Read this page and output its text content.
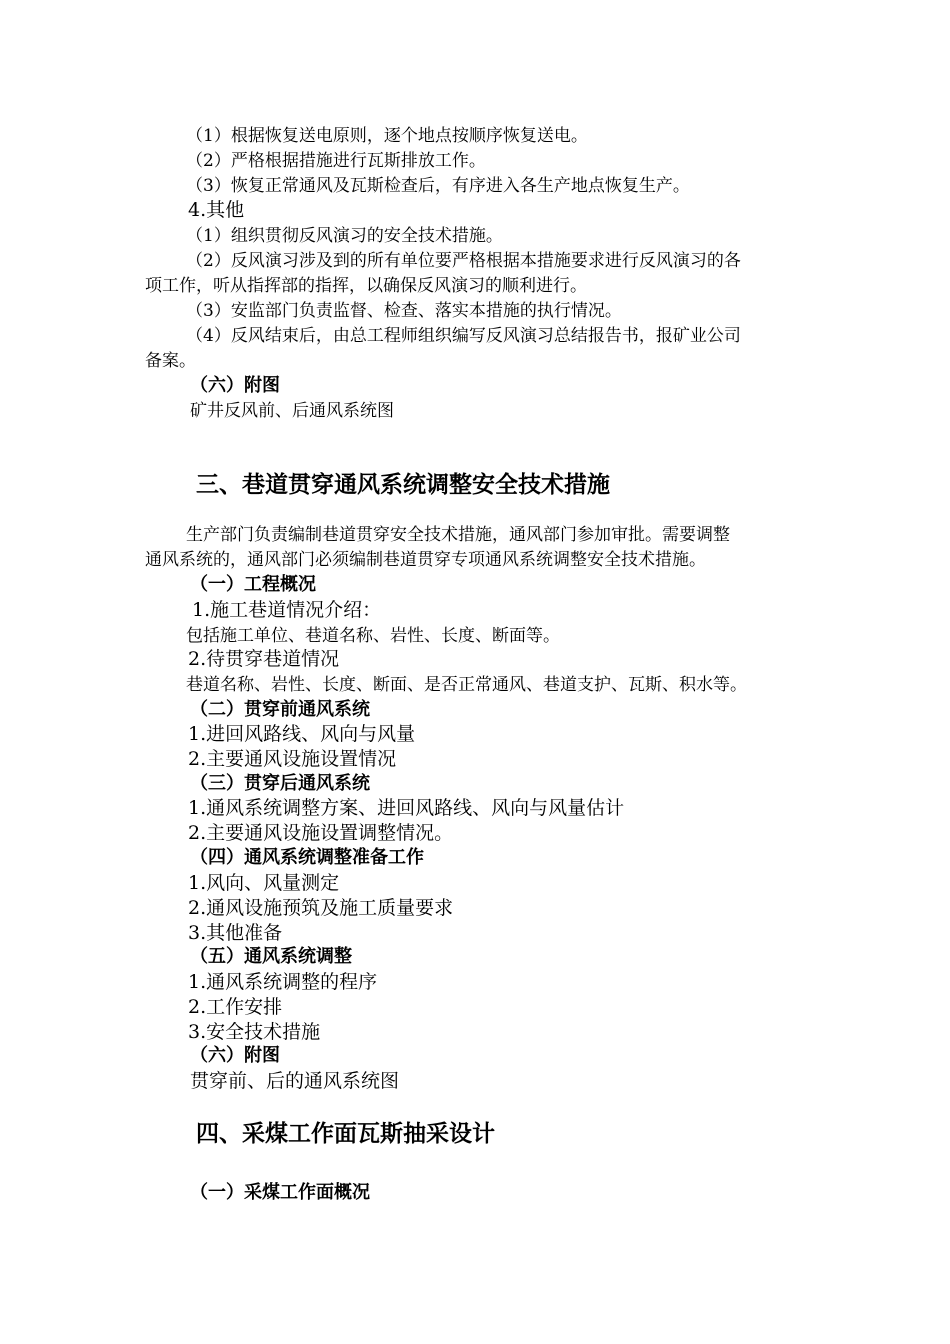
（1）根据恢复送电原则，逐个地点按顺序恢复送电。
（2）严格根据措施进行瓦斯排放工作。
（3）恢复正常通风及瓦斯检查后，有序进入各生产地点恢复生产。
4.其他
（1）组织贯彻反风演习的安全技术措施。
（2）反风演习涉及到的所有单位要严格根据本措施要求进行反风演习的各
项工作，听从指挥部的指挥，以确保反风演习的顺利进行。
（3）安监部门负责监督、检查、落实本措施的执行情况。
（4）反风结束后，由总工程师组织编写反风演习总结报告书，报矿业公司
备案。
（六）附图
矿井反风前、后通风系统图
三、巷道贯穿通风系统调整安全技术措施
生产部门负责编制巷道贯穿安全技术措施，通风部门参加审批。需要调整
通风系统的，通风部门必须编制巷道贯穿专项通风系统调整安全技术措施。
（一）工程概况
1.施工巷道情况介绍：
包括施工单位、巷道名称、岩性、长度、断面等。
2.待贯穿巷道情况
巷道名称、岩性、长度、断面、是否正常通风、巷道支护、瓦斯、积水等。
（二）贯穿前通风系统
1.进回风路线、风向与风量
2.主要通风设施设置情况
（三）贯穿后通风系统
1.通风系统调整方案、进回风路线、风向与风量估计
2.主要通风设施设置调整情况。
（四）通风系统调整准备工作
1.风向、风量测定
2.通风设施预筑及施工质量要求
3.其他准备
（五）通风系统调整
1.通风系统调整的程序
2.工作安排
3.安全技术措施
（六）附图
贯穿前、后的通风系统图
四、采煤工作面瓦斯抽采设计
（一）采煤工作面概况
